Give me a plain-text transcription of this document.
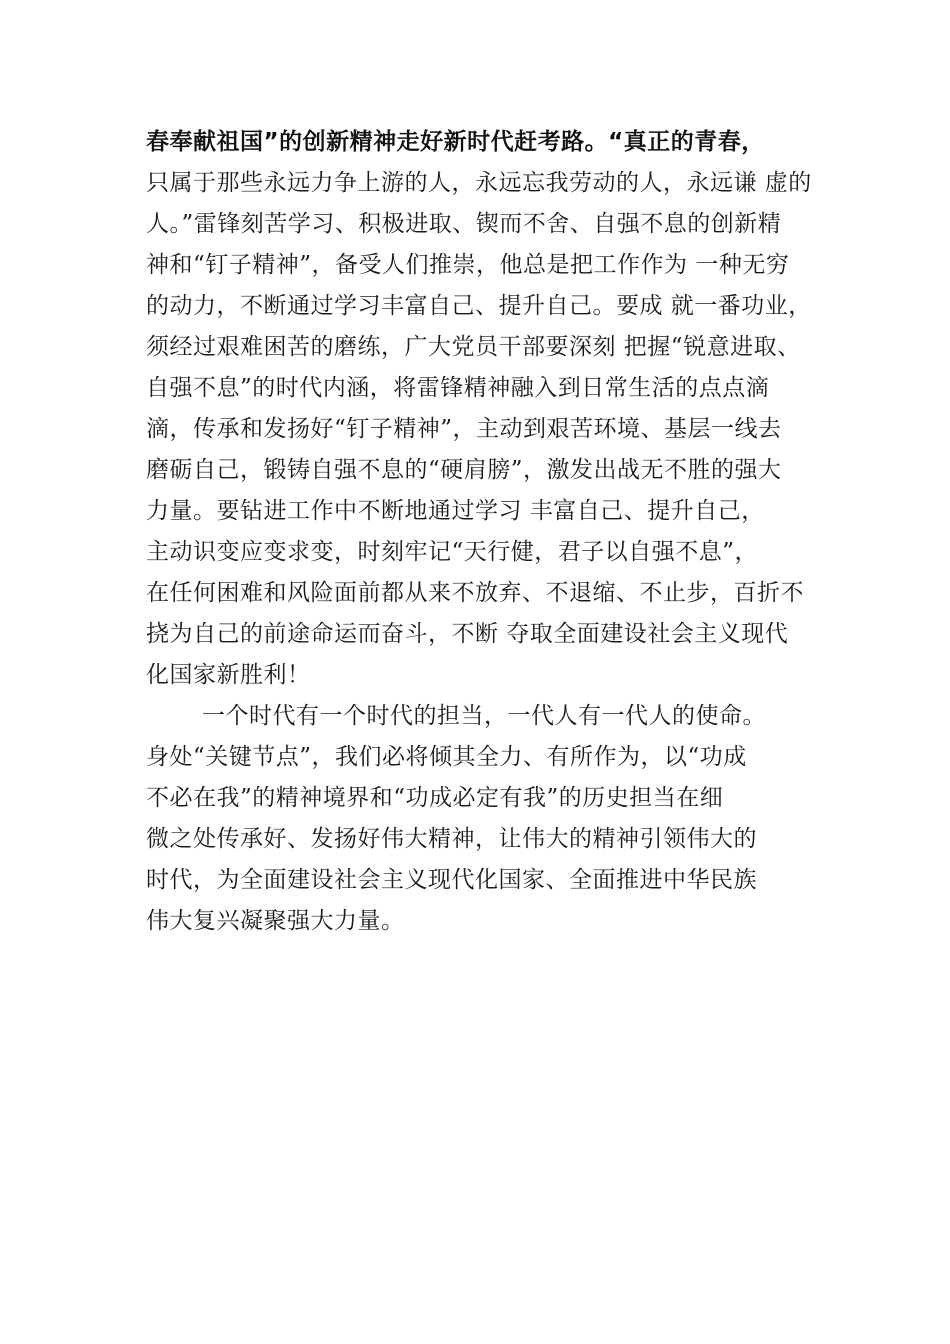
春奉献祖国”的创新精神走好新时代赶考路。“真正的青春，
只属于那些永远力争上游的人，永远忘我劳动的人，永远谦 虚的
人。”雷锋刻苦学习、积极进取、锲而不舍、自强不息的创新精
神和“钉子精神”，备受人们推崇，他总是把工作作为 一种无穷
的动力，不断通过学习丰富自己、提升自己。要成 就一番功业，
须经过艰难困苦的磨练，广大党员干部要深刻 把握“锐意进取、
自强不息”的时代内涵，将雷锋精神融入到日常生活的点点滴
滴，传承和发扬好“钉子精神”，主动到艰苦环境、基层一线去
磨砺自己，锻铸自强不息的“硬肩膀”，激发出战无不胜的强大
力量。要钻进工作中不断地通过学习 丰富自己、提升自己，
主动识变应变求变，时刻牢记“天行健，君子以自强不息”，
在任何困难和风险面前都从来不放弃、不退缩、不止步，百折不
挠为自己的前途命运而奋斗，不断 夺取全面建设社会主义现代
化国家新胜利！
一个时代有一个时代的担当，一代人有一代人的使命。
身处“关键节点”，我们必将倾其全力、有所作为，以“功成
不必在我”的精神境界和“功成必定有我”的历史担当在细
微之处传承好、发扬好伟大精神，让伟大的精神引领伟大的
时代，为全面建设社会主义现代化国家、全面推进中华民族
伟大复兴凝聚强大力量。
